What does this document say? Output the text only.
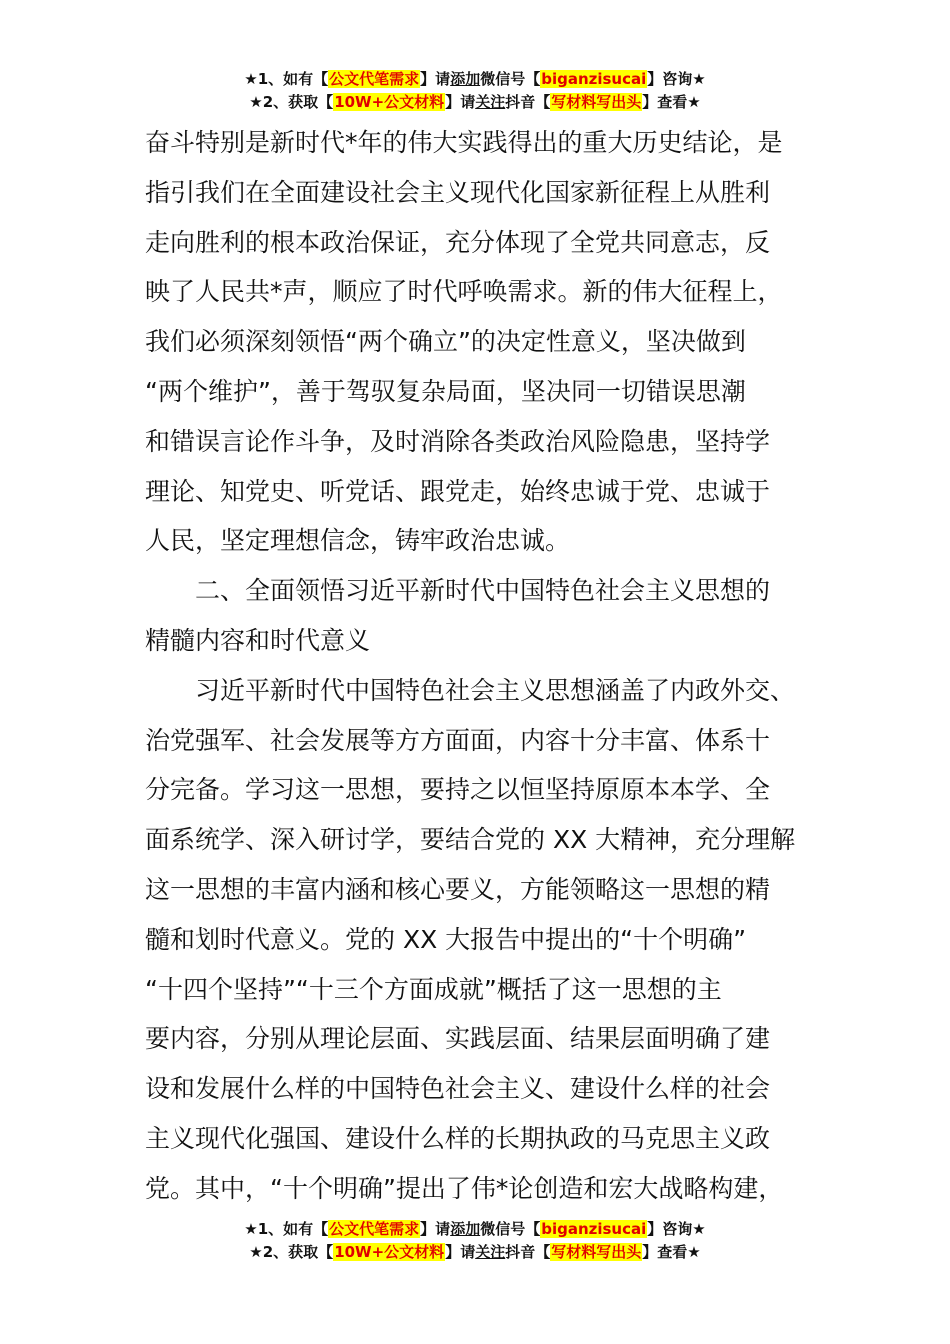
★1、如有【公文代笔需求】请添加微信号【biganzisucai】咨询★
★2、获取【10W+公文材料】请关注抖音【写材料写出头】查看★
奋斗特别是新时代*年的伟大实践得出的重大历史结论，是
指引我们在全面建设社会主义现代化国家新征程上从胜利
走向胜利的根本政治保证，充分体现了全党共同意志，反
映了人民共*声，顺应了时代呼唤需求。新的伟大征程上，
我们必须深刻领悟“两个确立”的决定性意义，坚决做到
“两个维护”，善于驾驭复杂局面，坚决同一切错误思潮
和错误言论作斗争，及时消除各类政治风险隐患，坚持学
理论、知党史、听党话、跟党走，始终忠诚于党、忠诚于
人民，坚定理想信念，铸牢政治忠诚。
二、全面领悟习近平新时代中国特色社会主义思想的
精髓内容和时代意义
习近平新时代中国特色社会主义思想涵盖了内政外交、
治党强军、社会发展等方方面面，内容十分丰富、体系十
分完备。学习这一思想，要持之以恒坚持原原本本学、全
面系统学、深入研讨学，要结合党的 XX 大精神，充分理解
这一思想的丰富内涵和核心要义，方能领略这一思想的精
髓和划时代意义。党的 XX 大报告中提出的“十个明确”
“十四个坚持”“十三个方面成就”概括了这一思想的主
要内容，分别从理论层面、实践层面、结果层面明确了建
设和发展什么样的中国特色社会主义、建设什么样的社会
主义现代化强国、建设什么样的长期执政的马克思主义政
党。其中，“十个明确”提出了伟*论创造和宏大战略构建，
★1、如有【公文代笔需求】请添加微信号【biganzisucai】咨询★
★2、获取【10W+公文材料】请关注抖音【写材料写出头】查看★
